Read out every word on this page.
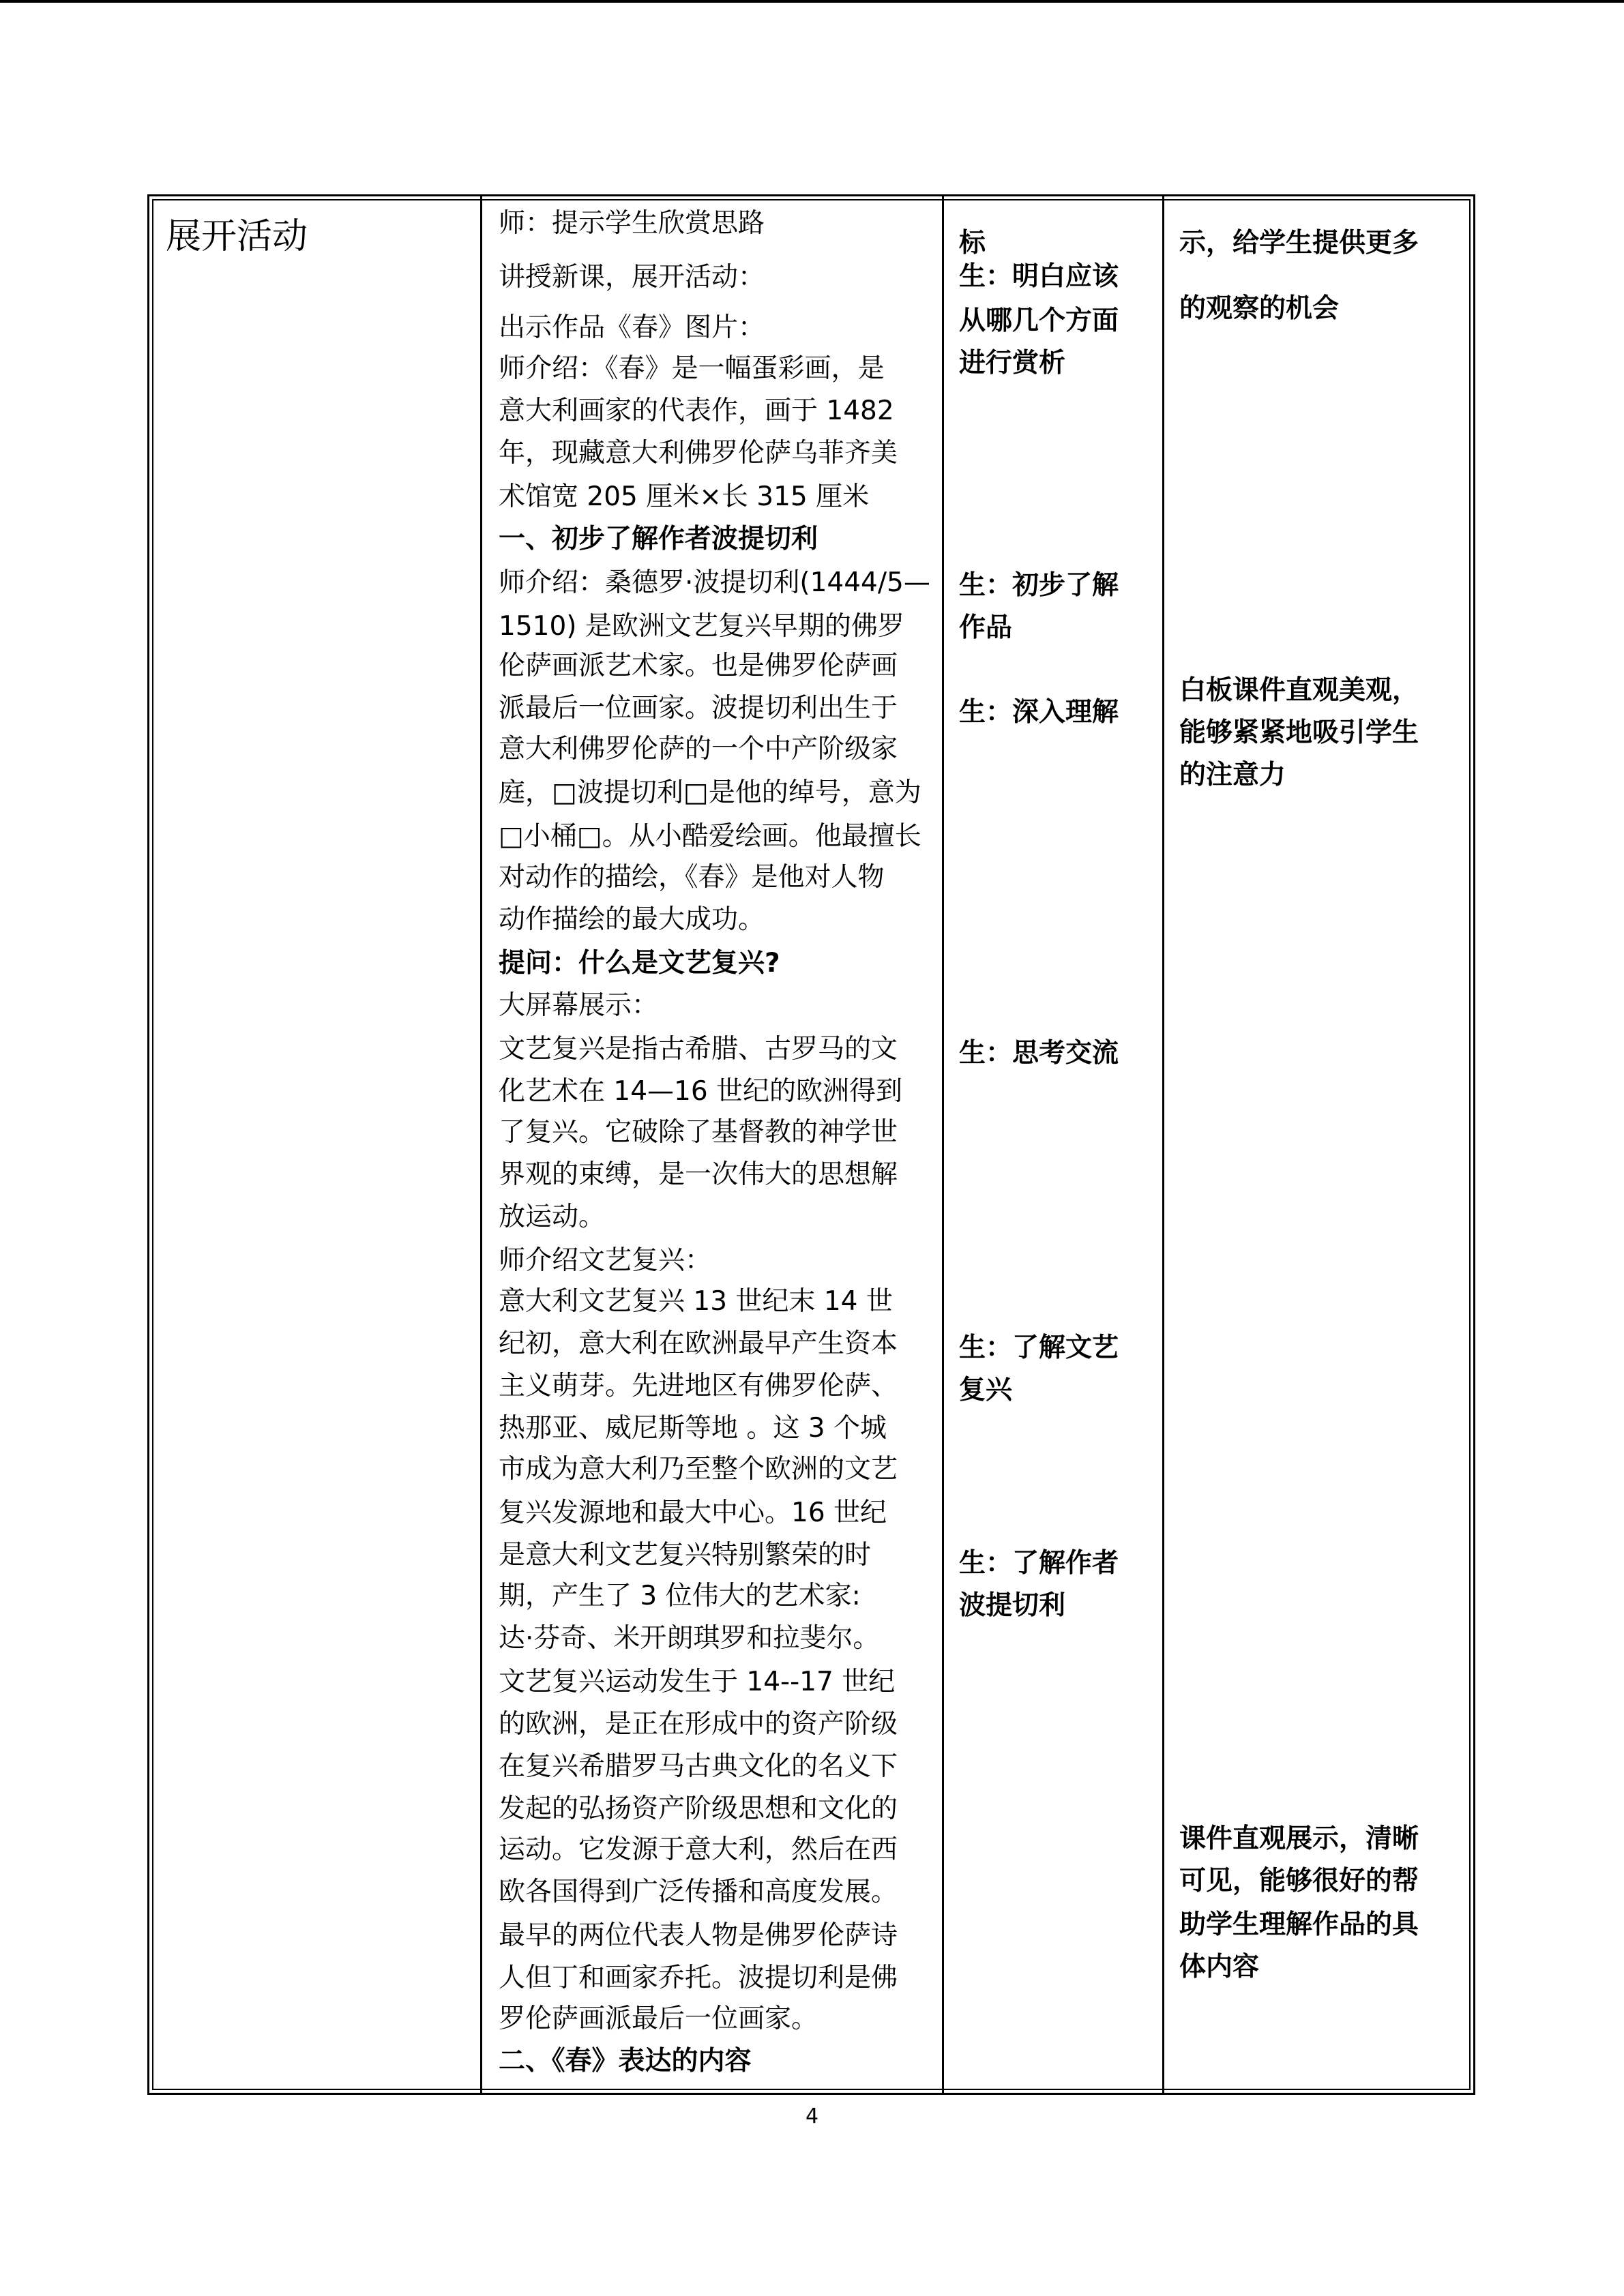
展开活动	师：提示学生欣赏思路
讲授新课，展开活动：
出示作品《春》图片：
师介绍：《春》是一幅蛋彩画，是
意大利画家的代表作，画于 1482
年，现藏意大利佛罗伦萨乌菲齐美
术馆宽 205 厘米×长 315 厘米
一、初步了解作者波提切利
师介绍：桑德罗·波提切利(1444/5—
1510) 是欧洲文艺复兴早期的佛罗
伦萨画派艺术家。也是佛罗伦萨画
派最后一位画家。波提切利出生于
意大利佛罗伦萨的一个中产阶级家
庭，□波提切利□是他的绰号，意为
□小桶□。从小酷爱绘画。他最擅长
对动作的描绘，《春》是他对人物
动作描绘的最大成功。
提问：什么是文艺复兴?
大屏幕展示：
文艺复兴是指古希腊、古罗马的文
化艺术在 14—16 世纪的欧洲得到
了复兴。它破除了基督教的神学世
界观的束缚，是一次伟大的思想解
放运动。
师介绍文艺复兴：
意大利文艺复兴 13 世纪末 14 世
纪初，意大利在欧洲最早产生资本
主义萌芽。先进地区有佛罗伦萨、
热那亚、威尼斯等地 。这 3 个城
市成为意大利乃至整个欧洲的文艺
复兴发源地和最大中心。16 世纪
是意大利文艺复兴特别繁荣的时
期，产生了 3 位伟大的艺术家:
达·芬奇、米开朗琪罗和拉斐尔。
文艺复兴运动发生于 14--17 世纪
的欧洲，是正在形成中的资产阶级
在复兴希腊罗马古典文化的名义下
发起的弘扬资产阶级思想和文化的
运动。它发源于意大利，然后在西
欧各国得到广泛传播和高度发展。
最早的两位代表人物是佛罗伦萨诗
人但丁和画家乔托。波提切利是佛
罗伦萨画派最后一位画家。
二、《春》表达的内容
标
生：明白应该
从哪几个方面
进行赏析
生：初步了解
作品
生：深入理解
生：思考交流
生：了解文艺
复兴
生：了解作者
波提切利
示，给学生提供更多
的观察的机会
白板课件直观美观，
能够紧紧地吸引学生
的注意力
课件直观展示，清晰
可见，能够很好的帮
助学生理解作品的具
体内容
4
